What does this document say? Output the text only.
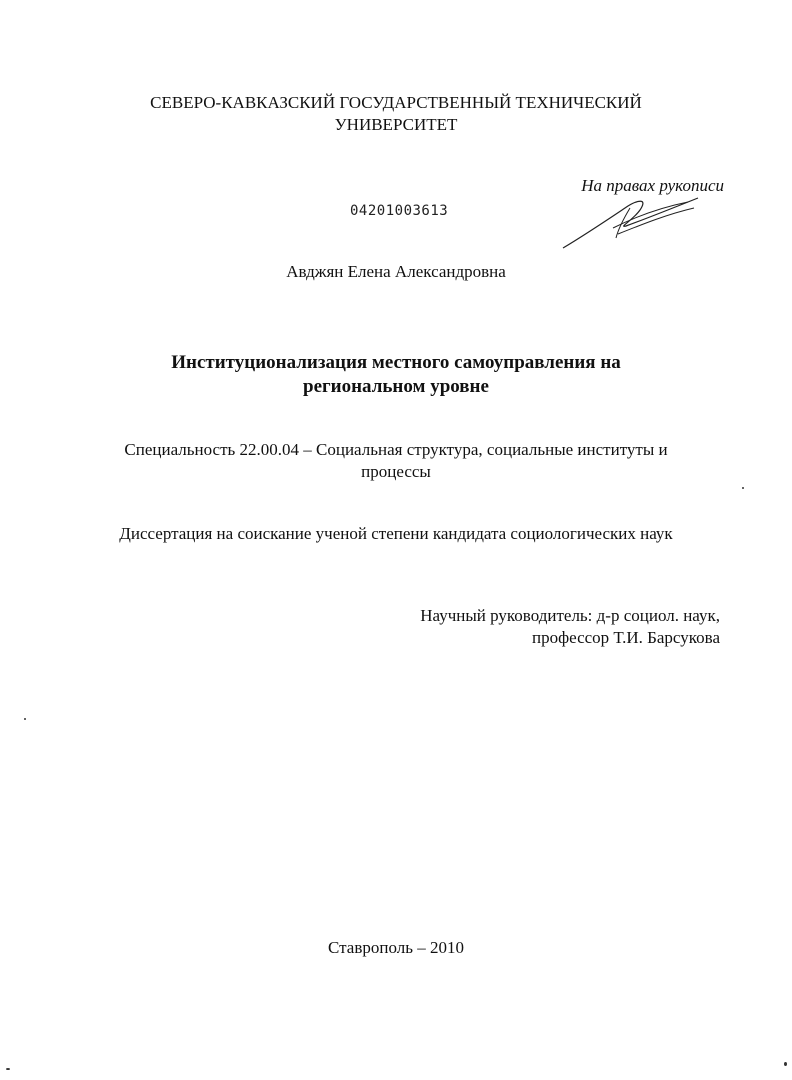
СЕВЕРО-КАВКАЗСКИЙ ГОСУДАРСТВЕННЫЙ ТЕХНИЧЕСКИЙ
УНИВЕРСИТЕТ
На правах рукописи
04201003613
Авджян Елена Александровна
Институционализация местного самоуправления на
региональном уровне
Специальность 22.00.04 – Социальная структура, социальные институты и
процессы
Диссертация на соискание ученой степени кандидата социологических наук
Научный руководитель: д-р социол. наук,
профессор Т.И. Барсукова
Ставрополь – 2010
